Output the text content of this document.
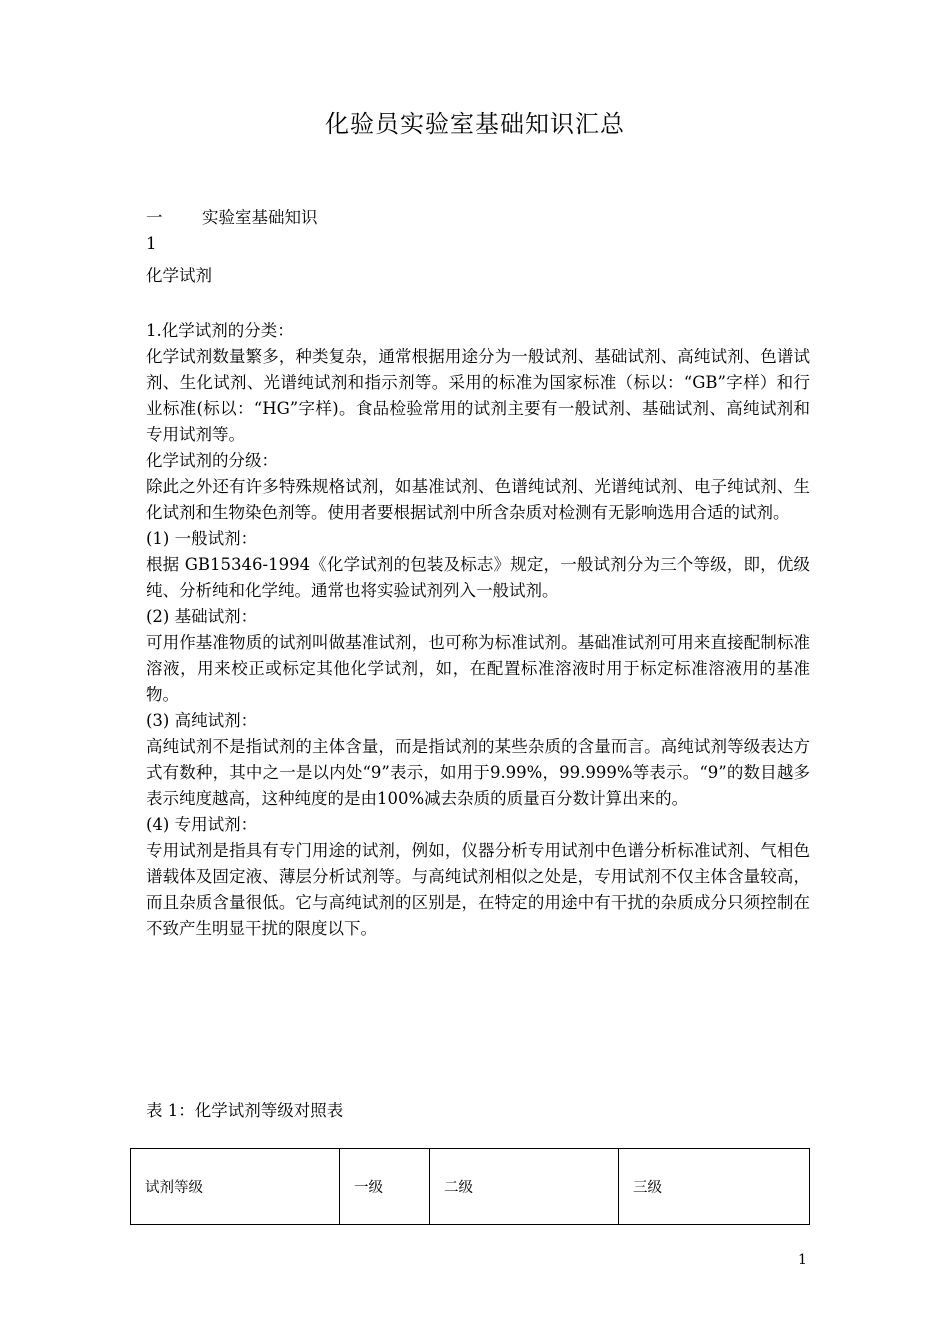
化验员实验室基础知识汇总
一 实验室基础知识
1
化学试剂

1.化学试剂的分类：

化学试剂数量繁多，种类复杂，通常根据用途分为一般试剂、基础试剂、高纯试剂、色谱试剂、生化试剂、光谱纯试剂和指示剂等。采用的标准为国家标准（标以：“GB”字样）和行业标准(标以：“HG”字样)。食品检验常用的试剂主要有一般试剂、基础试剂、高纯试剂和专用试剂等。

化学试剂的分级：

除此之外还有许多特殊规格试剂，如基准试剂、色谱纯试剂、光谱纯试剂、电子纯试剂、生化试剂和生物染色剂等。使用者要根据试剂中所含杂质对检测有无影响选用合适的试剂。

(1) 一般试剂：

根据 GB15346-1994《化学试剂的包装及标志》规定，一般试剂分为三个等级，即，优级纯、分析纯和化学纯。通常也将实验试剂列入一般试剂。

(2) 基础试剂：

可用作基准物质的试剂叫做基准试剂，也可称为标准试剂。基础准试剂可用来直接配制标准溶液，用来校正或标定其他化学试剂，如，在配置标准溶液时用于标定标准溶液用的基准物。

(3) 高纯试剂：

高纯试剂不是指试剂的主体含量，而是指试剂的某些杂质的含量而言。高纯试剂等级表达方式有数种，其中之一是以内处“9”表示，如用于9.99%，99.999%等表示。“9”的数目越多表示纯度越高，这种纯度的是由100%减去杂质的质量百分数计算出来的。

(4) 专用试剂：

专用试剂是指具有专门用途的试剂，例如，仪器分析专用试剂中色谱分析标准试剂、气相色谱载体及固定液、薄层分析试剂等。与高纯试剂相似之处是，专用试剂不仅主体含量较高，而且杂质含量很低。它与高纯试剂的区别是，在特定的用途中有干扰的杂质成分只须控制在不致产生明显干扰的限度以下。

表 1：化学试剂等级对照表
试剂等级	一级	二级	三级
1
